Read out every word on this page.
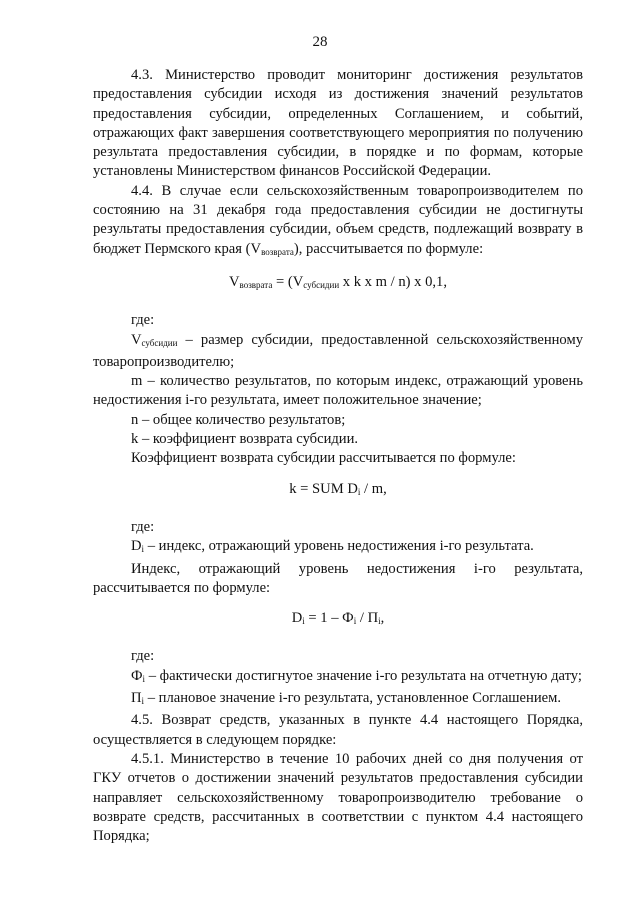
28

4.3. Министерство проводит мониторинг достижения результатов предоставления субсидии исходя из достижения значений результатов предоставления субсидии, определенных Соглашением, и событий, отражающих факт завершения соответствующего мероприятия по получению результата предоставления субсидии, в порядке и по формам, которые установлены Министерством финансов Российской Федерации.

4.4. В случае если сельскохозяйственным товаропроизводителем по состоянию на 31 декабря года предоставления субсидии не достигнуты результаты предоставления субсидии, объем средств, подлежащий возврату в бюджет Пермского края $(V_{возврата})$, рассчитывается по формуле:

$V_{возврата} = (V_{субсидии}$ x k x m / n) x 0,1,

где:

$V_{субсидии}$ – размер субсидии, предоставленной сельскохозяйственному товаропроизводителю;

m – количество результатов, по которым индекс, отражающий уровень недостижения i-го результата, имеет положительное значение;

n – общее количество результатов;

k – коэффициент возврата субсидии.

Коэффициент возврата субсидии рассчитывается по формуле:

k = SUM $D_i$ / m,

где:

$D_i$ – индекс, отражающий уровень недостижения i-го результата.

Индекс, отражающий уровень недостижения i-го результата, рассчитывается по формуле:

$D_i = 1 - Ф_i / П_i$,

где:

$Ф_i$ – фактически достигнутое значение i-го результата на отчетную дату;

$П_i$ – плановое значение i-го результата, установленное Соглашением.

4.5. Возврат средств, указанных в пункте 4.4 настоящего Порядка, осуществляется в следующем порядке:

4.5.1. Министерство в течение 10 рабочих дней со дня получения от ГКУ отчетов о достижении значений результатов предоставления субсидии направляет сельскохозяйственному товаропроизводителю требование о возврате средств, рассчитанных в соответствии с пунктом 4.4 настоящего Порядка;
